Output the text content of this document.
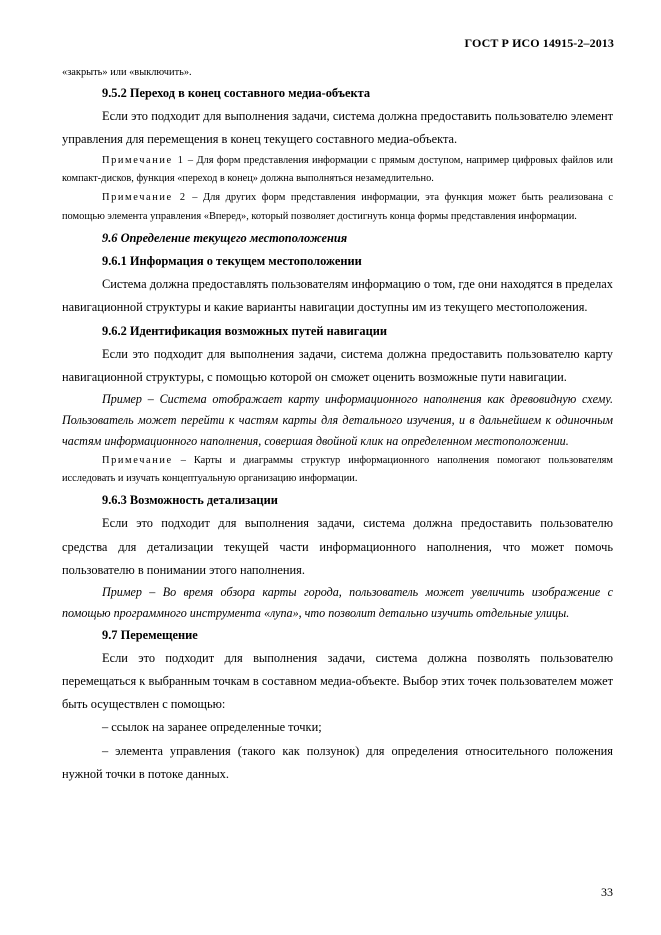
ГОСТ Р ИСО 14915-2–2013

«закрыть» или «выключить».

9.5.2 Переход в конец составного медиа-объекта

Если это подходит для выполнения задачи, система должна предоставить пользователю элемент управления для перемещения в конец текущего составного медиа-объекта.

Примечание 1 – Для форм представления информации с прямым доступом, например цифровых файлов или компакт-дисков, функция «переход в конец» должна выполняться незамедлительно.

Примечание 2 – Для других форм представления информации, эта функция может быть реализована с помощью элемента управления «Вперед», который позволяет достигнуть конца формы представления информации.

9.6 Определение текущего местоположения

9.6.1 Информация о текущем местоположении

Система должна предоставлять пользователям информацию о том, где они находятся в пределах навигационной структуры и какие варианты навигации доступны им из текущего местоположения.

9.6.2 Идентификация возможных путей навигации

Если это подходит для выполнения задачи, система должна предоставить пользователю карту навигационной структуры, с помощью которой он сможет оценить возможные пути навигации.

Пример – Система отображает карту информационного наполнения как древовидную схему. Пользователь может перейти к частям карты для детального изучения, и в дальнейшем к одиночным частям информационного наполнения, совершая двойной клик на определенном местоположении.

Примечание – Карты и диаграммы структур информационного наполнения помогают пользователям исследовать и изучать концептуальную организацию информации.

9.6.3 Возможность детализации

Если это подходит для выполнения задачи, система должна предоставить пользователю средства для детализации текущей части информационного наполнения, что может помочь пользователю в понимании этого наполнения.

Пример – Во время обзора карты города, пользователь может увеличить изображение с помощью программного инструмента «лупа», что позволит детально изучить отдельные улицы.

9.7 Перемещение

Если это подходит для выполнения задачи, система должна позволять пользователю перемещаться к выбранным точкам в составном медиа-объекте. Выбор этих точек пользователем может быть осуществлен с помощью:

– ссылок на заранее определенные точки;

– элемента управления (такого как ползунок) для определения относительного положения нужной точки в потоке данных.

33
